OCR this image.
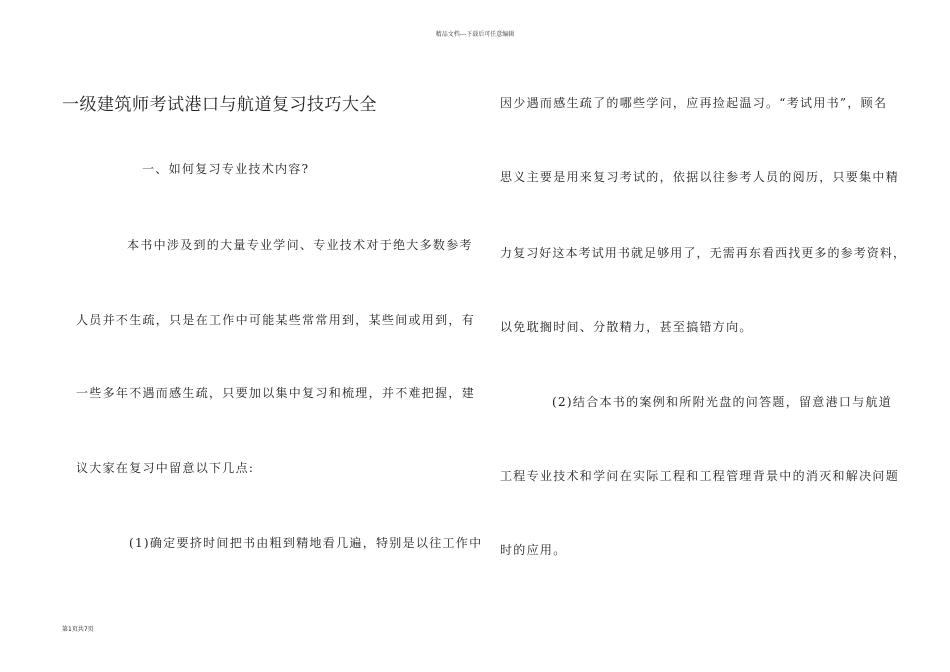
精品文档---下载后可任意编辑
一级建筑师考试港口与航道复习技巧大全
一、如何复习专业技术内容?
本书中涉及到的大量专业学问、专业技术对于绝大多数参考
人员并不生疏，只是在工作中可能某些常常用到，某些间或用到，有
一些多年不遇而感生疏，只要加以集中复习和梳理，并不难把握，建
议大家在复习中留意以下几点:
(1)确定要挤时间把书由粗到精地看几遍，特别是以往工作中
因少遇而感生疏了的哪些学问，应再捡起温习。“考试用书”，顾名
思义主要是用来复习考试的，依据以往参考人员的阅历，只要集中精
力复习好这本考试用书就足够用了，无需再东看西找更多的参考资料，
以免耽搁时间、分散精力，甚至搞错方向。
(2)结合本书的案例和所附光盘的问答题，留意港口与航道
工程专业技术和学问在实际工程和工程管理背景中的消灭和解决问题
时的应用。
第1页共7页
